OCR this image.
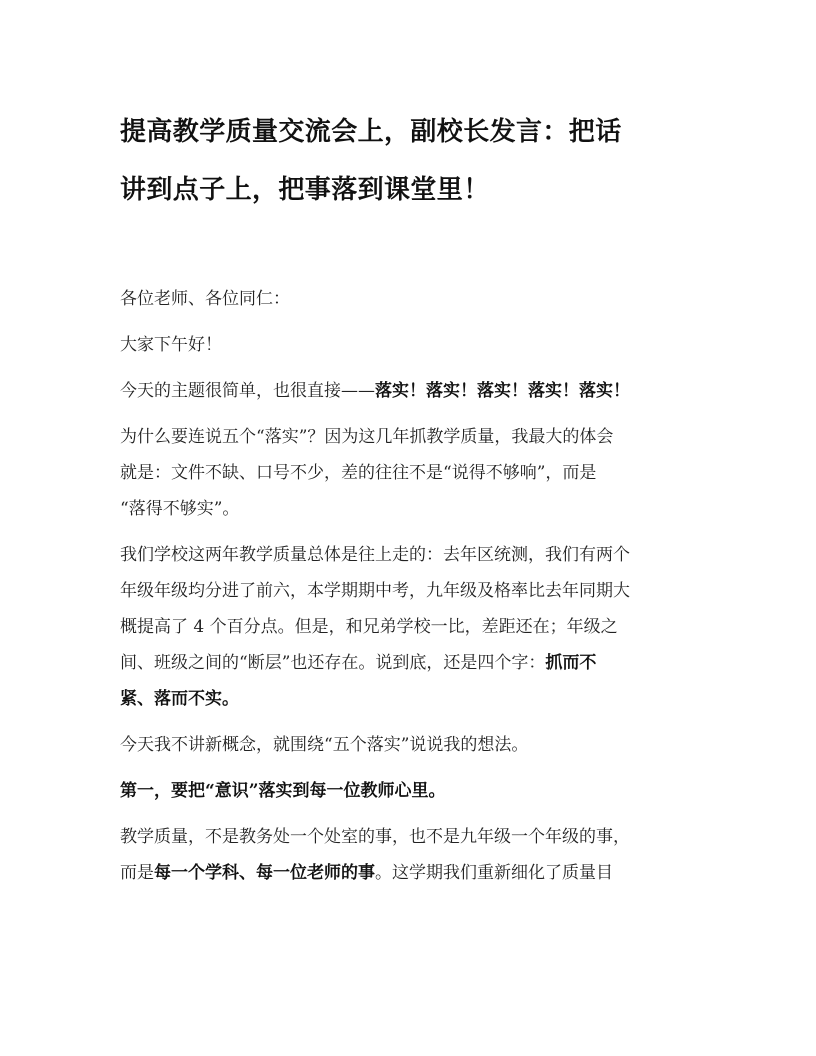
提高教学质量交流会上，副校长发言：把话
讲到点子上，把事落到课堂里！

各位老师、各位同仁：

大家下午好！

今天的主题很简单，也很直接——落实！落实！落实！落实！落实！

为什么要连说五个“落实”？因为这几年抓教学质量，我最大的体会
就是：文件不缺、口号不少，差的往往不是“说得不够响”，而是
“落得不够实”。

我们学校这两年教学质量总体是往上走的：去年区统测，我们有两个
年级年级均分进了前六，本学期期中考，九年级及格率比去年同期大
概提高了 4 个百分点。但是，和兄弟学校一比，差距还在；年级之
间、班级之间的“断层”也还存在。说到底，还是四个字：抓而不
紧、落而不实。

今天我不讲新概念，就围绕“五个落实”说说我的想法。

第一，要把“意识”落实到每一位教师心里。

教学质量，不是教务处一个处室的事，也不是九年级一个年级的事，
而是每一个学科、每一位老师的事。这学期我们重新细化了质量目
